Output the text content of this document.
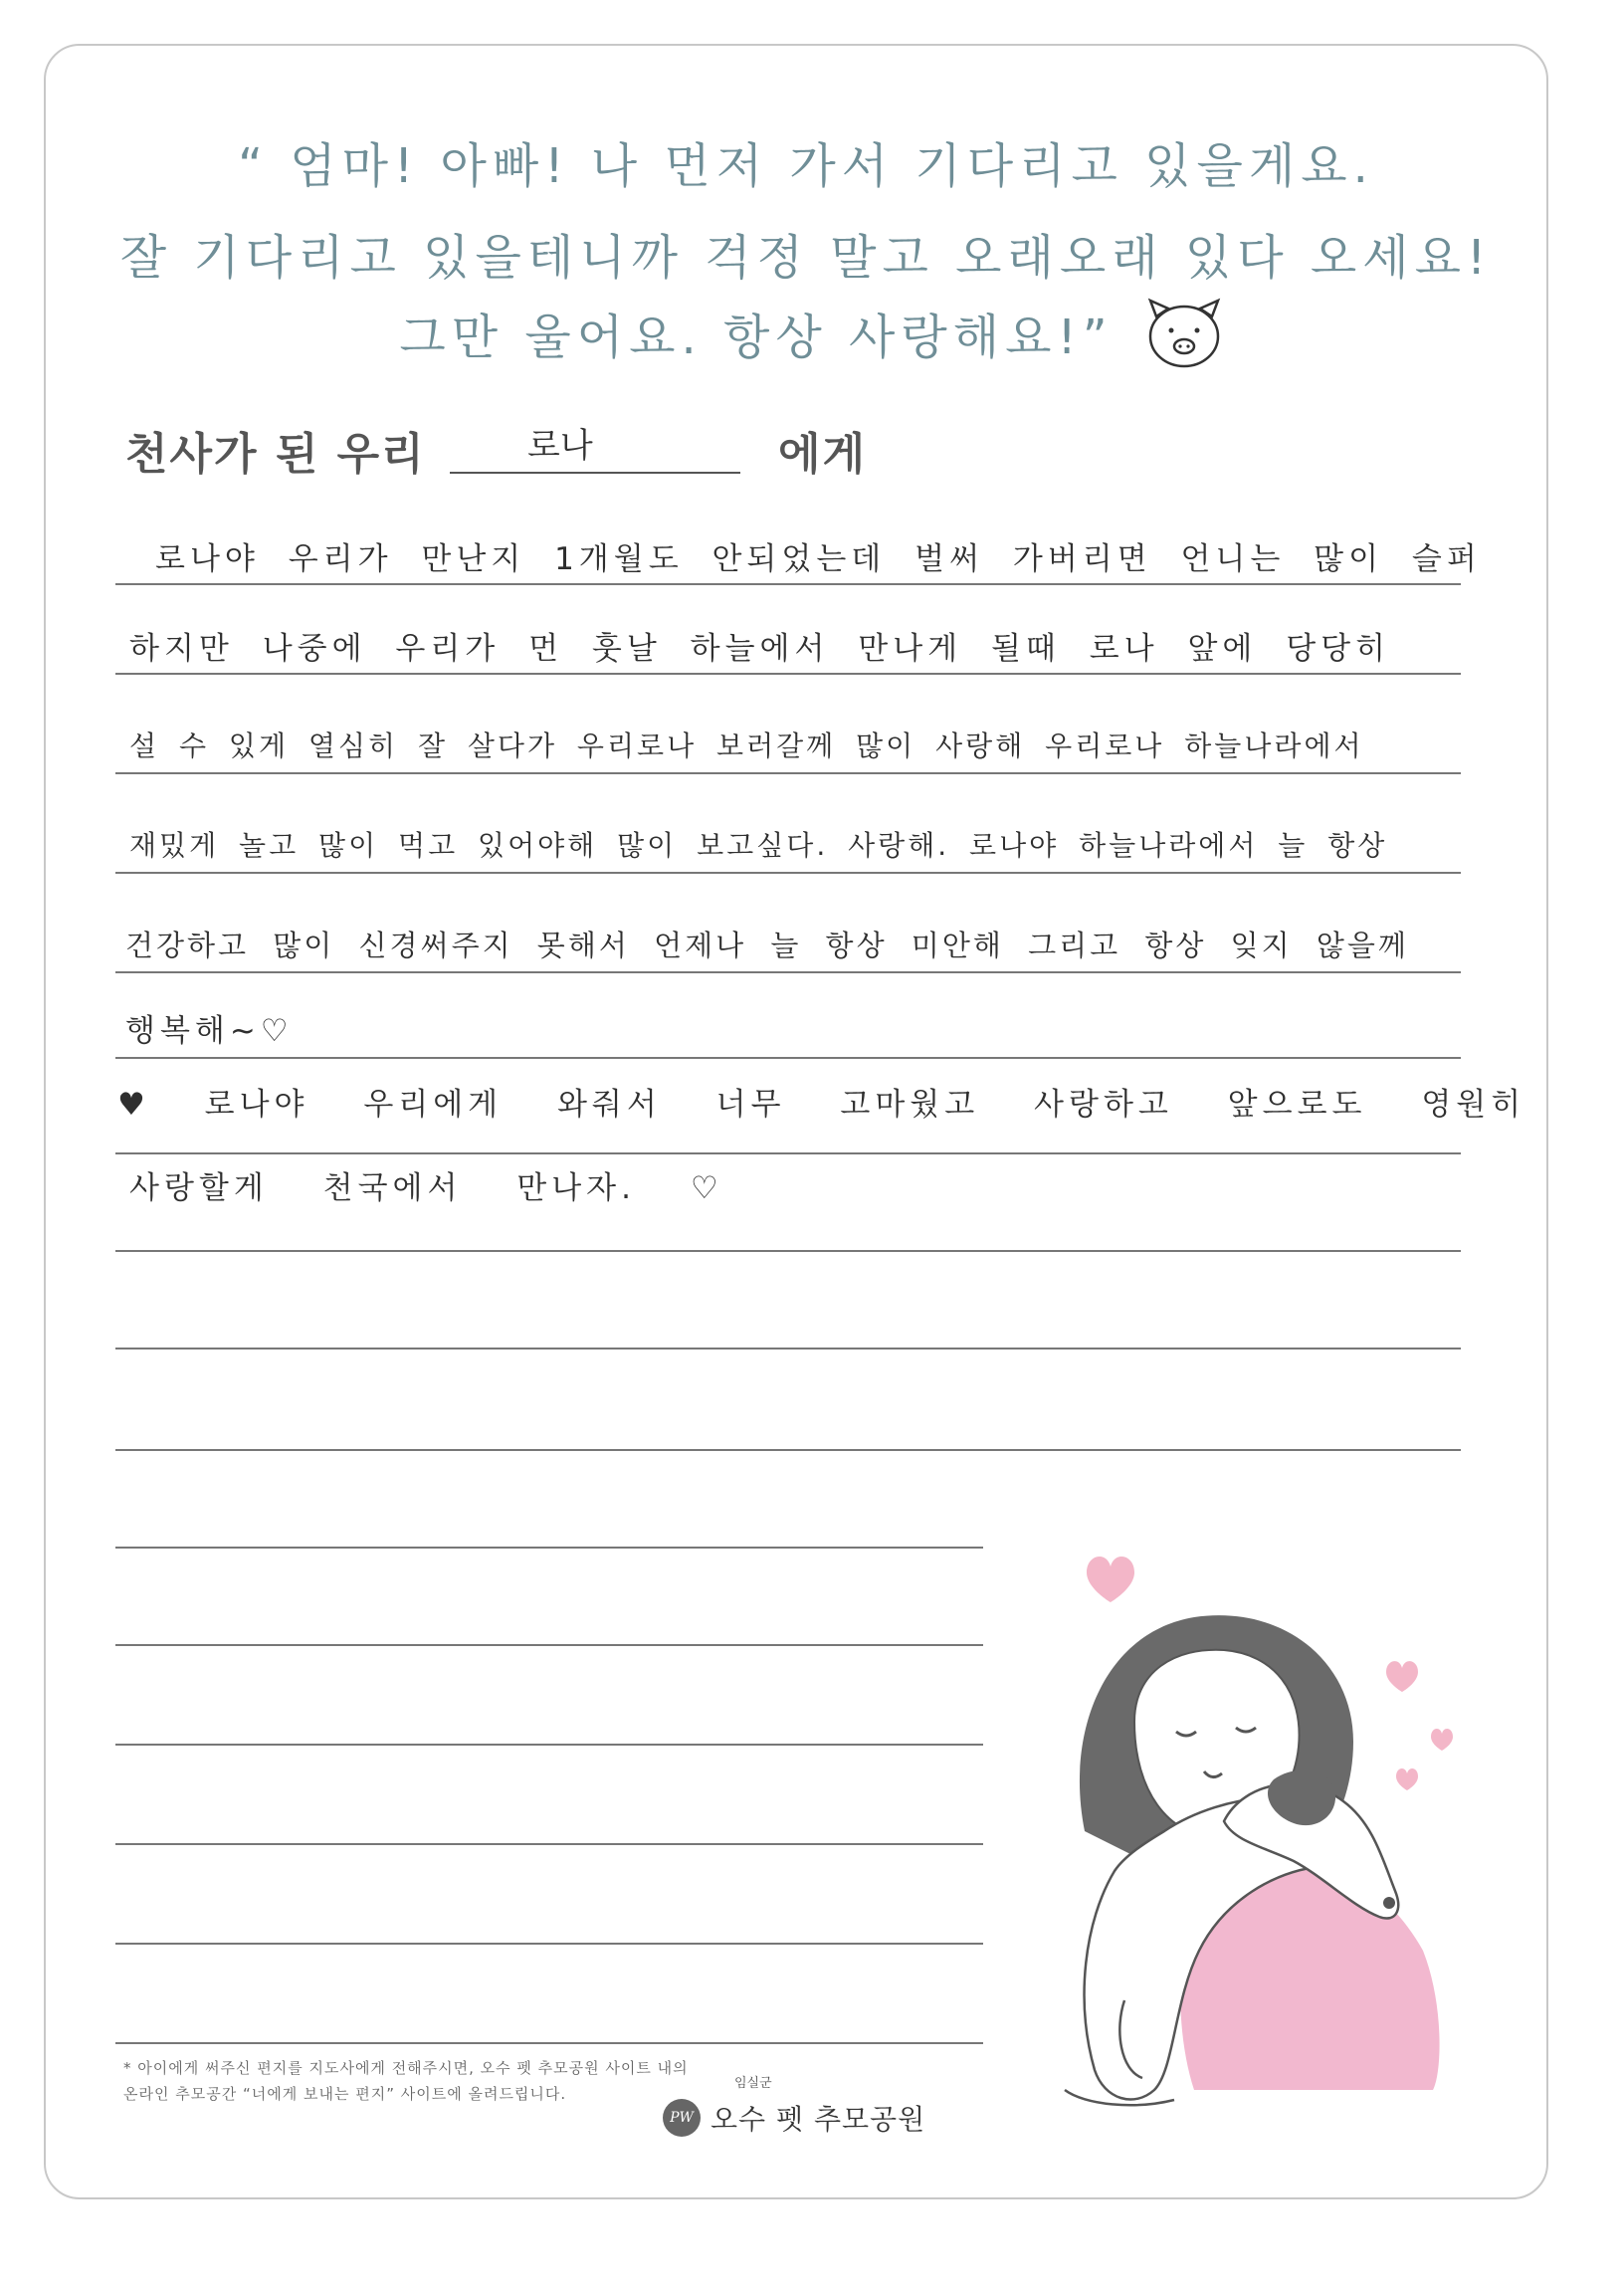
“ 엄마! 아빠! 나 먼저 가서 기다리고 있을게요.
잘 기다리고 있을테니까 걱정 말고 오래오래 있다 오세요!
그만 울어요. 항상 사랑해요!”
천사가 된 우리	로나	에게
로나야 우리가 만난지 1개월도 안되었는데 벌써 가버리면 언니는 많이 슬퍼
하지만 나중에 우리가 먼 훗날 하늘에서 만나게 될때 로나 앞에 당당히
설 수 있게 열심히 잘 살다가 우리로나 보러갈께 많이 사랑해 우리로나 하늘나라에서
재밌게 놀고 많이 먹고 있어야해 많이 보고싶다. 사랑해. 로나야 하늘나라에서 늘 항상
건강하고 많이 신경써주지 못해서 언제나 늘 항상 미안해 그리고 항상 잊지 않을께
행복해~♡
♥ 로나야 우리에게 와줘서 너무 고마웠고 사랑하고 앞으로도 영원히
사랑할게 천국에서 만나자. ♡
* 아이에게 써주신 편지를 지도사에게 전해주시면, 오수 펫 추모공원 사이트 내의
온라인 추모공간 “너에게 보내는 편지” 사이트에 올려드립니다.
임실군
PW 오수 펫 추모공원
